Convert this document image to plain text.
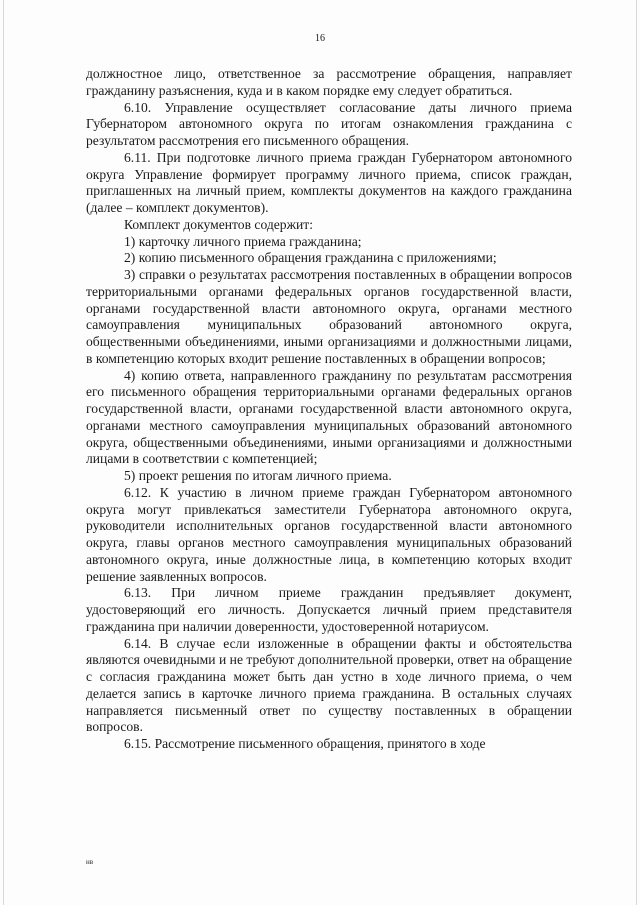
16

должностное лицо, ответственное за рассмотрение обращения, направляет гражданину разъяснения, куда и в каком порядке ему следует обратиться.

6.10. Управление осуществляет согласование даты личного приема Губернатором автономного округа по итогам ознакомления гражданина с результатом рассмотрения его письменного обращения.

6.11. При подготовке личного приема граждан Губернатором автономного округа Управление формирует программу личного приема, список граждан, приглашенных на личный прием, комплекты документов на каждого гражданина (далее – комплект документов).

Комплект документов содержит:

1) карточку личного приема гражданина;

2) копию письменного обращения гражданина с приложениями;

3) справки о результатах рассмотрения поставленных в обращении вопросов территориальными органами федеральных органов государственной власти, органами государственной власти автономного округа, органами местного самоуправления муниципальных образований автономного округа, общественными объединениями, иными организациями и должностными лицами, в компетенцию которых входит решение поставленных в обращении вопросов;

4) копию ответа, направленного гражданину по результатам рассмотрения его письменного обращения территориальными органами федеральных органов государственной власти, органами государственной власти автономного округа, органами местного самоуправления муниципальных образований автономного округа, общественными объединениями, иными организациями и должностными лицами в соответствии с компетенцией;

5) проект решения по итогам личного приема.

6.12. К участию в личном приеме граждан Губернатором автономного округа могут привлекаться заместители Губернатора автономного округа, руководители исполнительных органов государственной власти автономного округа, главы органов местного самоуправления муниципальных образований автономного округа, иные должностные лица, в компетенцию которых входит решение заявленных вопросов.

6.13. При личном приеме гражданин предъявляет документ, удостоверяющий его личность. Допускается личный прием представителя гражданина при наличии доверенности, удостоверенной нотариусом.

6.14. В случае если изложенные в обращении факты и обстоятельства являются очевидными и не требуют дополнительной проверки, ответ на обращение с согласия гражданина может быть дан устно в ходе личного приема, о чем делается запись в карточке личного приема гражданина. В остальных случаях направляется письменный ответ по существу поставленных в обращении вопросов.

6.15. Рассмотрение письменного обращения, принятого в ходе

нв
